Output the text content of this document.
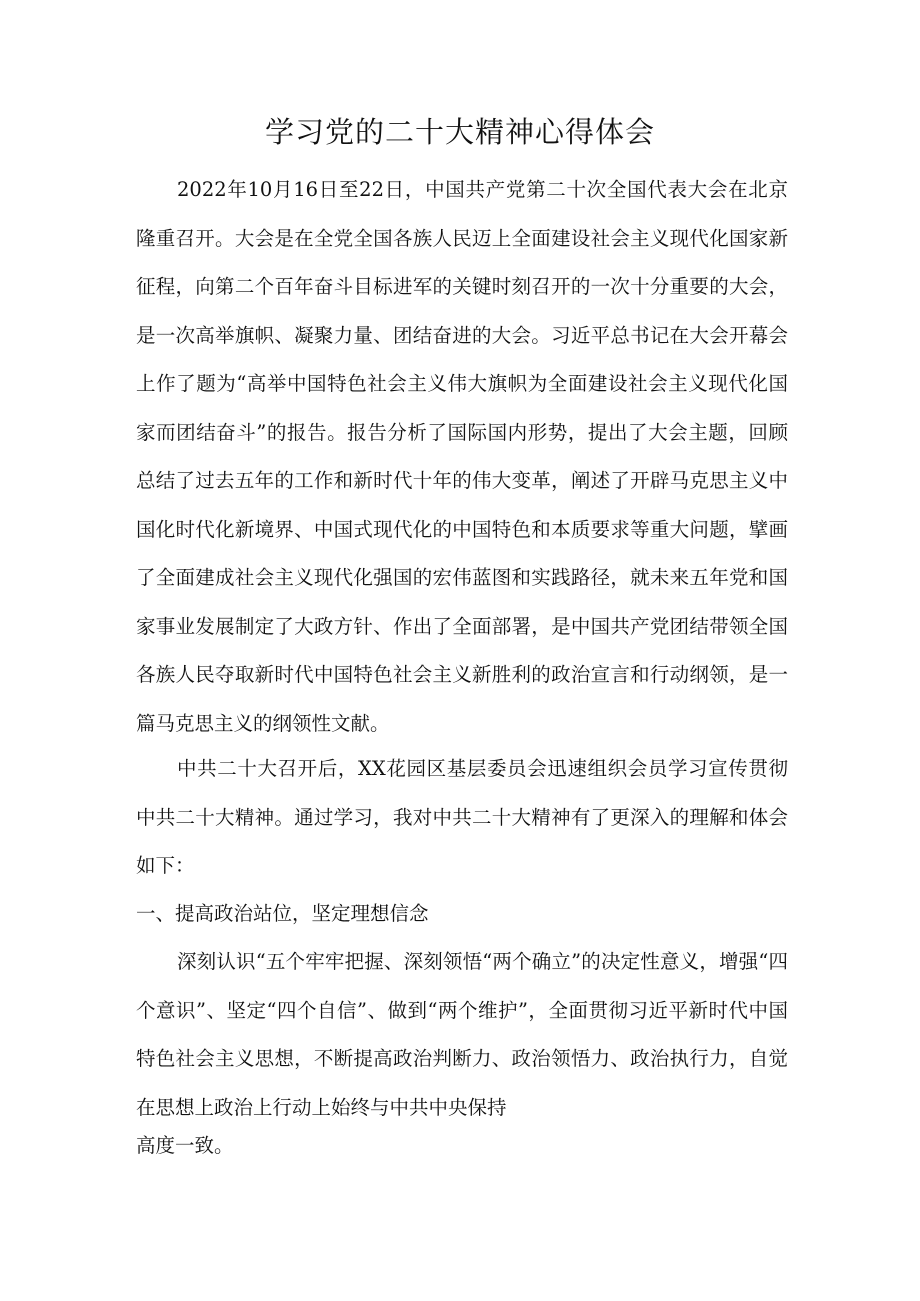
学习党的二十大精神心得体会

2022年10月16日至22日，中国共产党第二十次全国代表大会在北京隆重召开。大会是在全党全国各族人民迈上全面建设社会主义现代化国家新征程，向第二个百年奋斗目标进军的关键时刻召开的一次十分重要的大会，是一次高举旗帜、凝聚力量、团结奋进的大会。习近平总书记在大会开幕会上作了题为“高举中国特色社会主义伟大旗帜为全面建设社会主义现代化国家而团结奋斗”的报告。报告分析了国际国内形势，提出了大会主题，回顾总结了过去五年的工作和新时代十年的伟大变革，阐述了开辟马克思主义中国化时代化新境界、中国式现代化的中国特色和本质要求等重大问题，擘画了全面建成社会主义现代化强国的宏伟蓝图和实践路径，就未来五年党和国家事业发展制定了大政方针、作出了全面部署，是中国共产党团结带领全国各族人民夺取新时代中国特色社会主义新胜利的政治宣言和行动纲领，是一篇马克思主义的纲领性文献。

中共二十大召开后，XX花园区基层委员会迅速组织会员学习宣传贯彻中共二十大精神。通过学习，我对中共二十大精神有了更深入的理解和体会如下：

一、提高政治站位，坚定理想信念

深刻认识“五个牢牢把握、深刻领悟“两个确立”的决定性意义，增强“四个意识”、坚定“四个自信”、做到“两个维护”，全面贯彻习近平新时代中国特色社会主义思想，不断提高政治判断力、政治领悟力、政治执行力，自觉在思想上政治上行动上始终与中共中央保持
高度一致。
